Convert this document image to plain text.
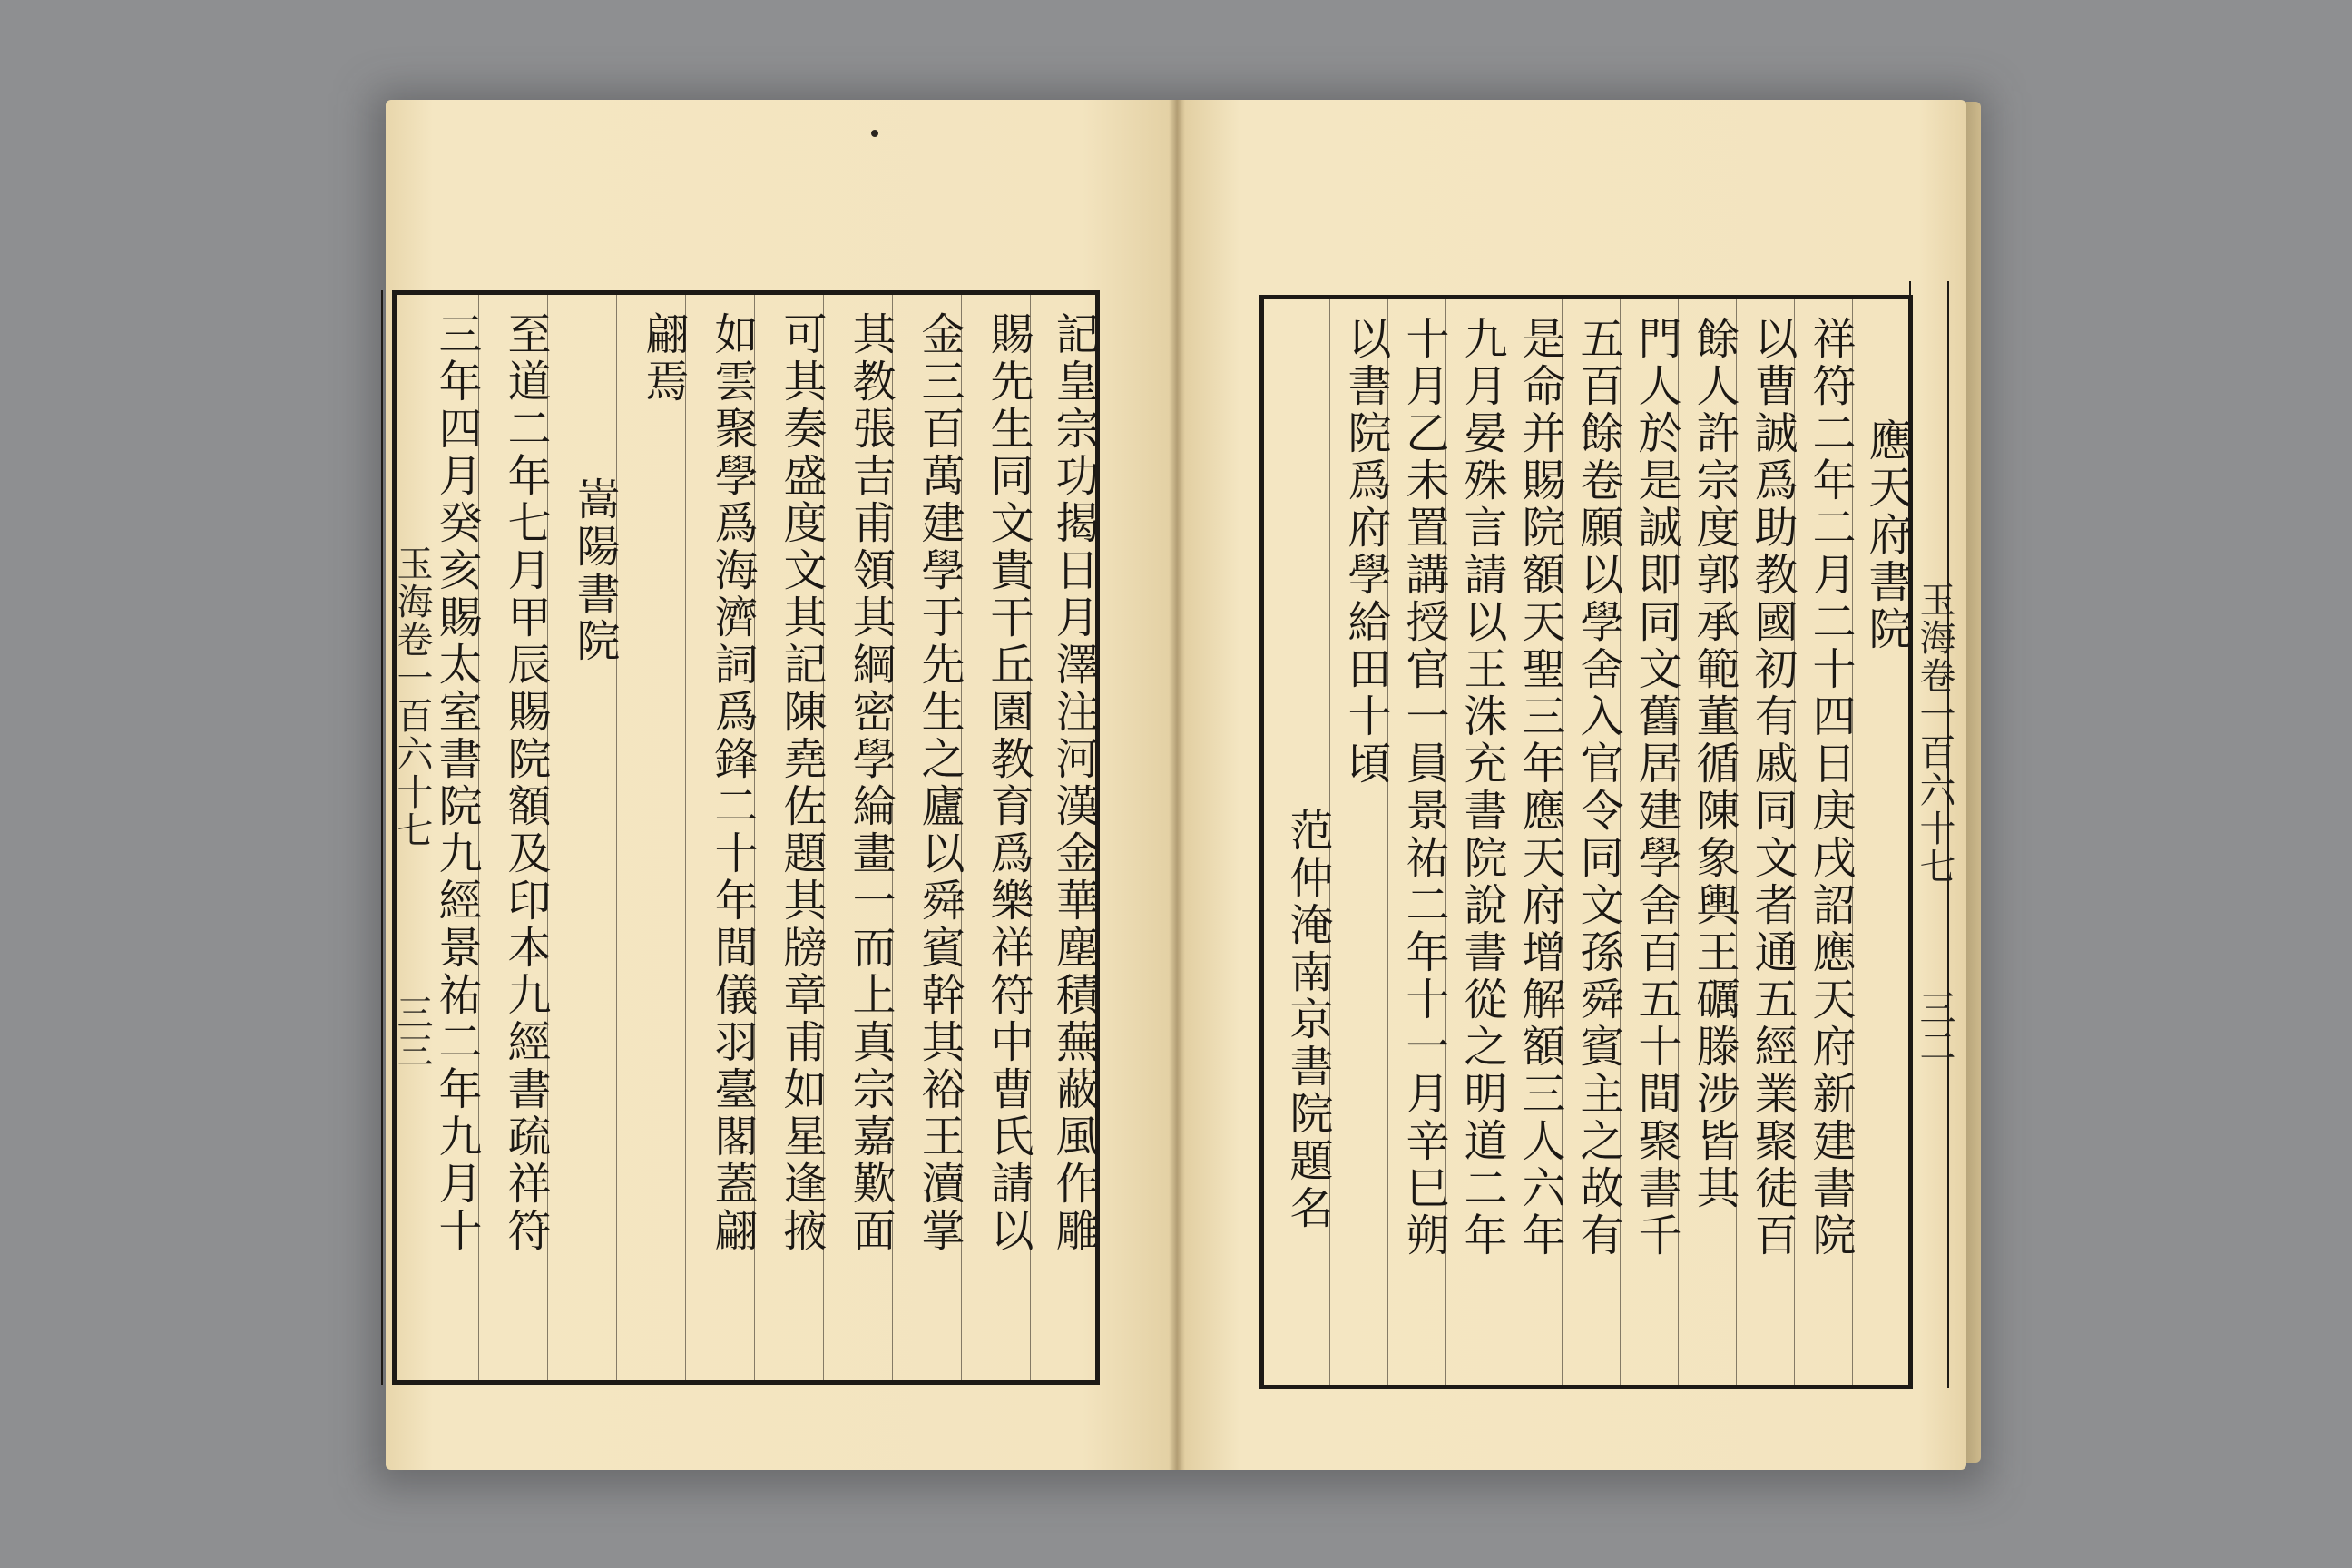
記皇宗功揭日月澤注河漢金華塵積蕪蔽風作雕
賜先生同文貴干丘園教育爲樂祥符中曹氏請以
金三百萬建學于先生之廬以舜賓幹其裕王瀆掌
其教張吉甫領其綱密學綸畫一而上真宗嘉歎面
可其奏盛度文其記陳堯佐題其牓章甫如星逢掖
如雲聚學爲海濟詞爲鋒二十年間儀羽臺閣蓋翩
翩焉
嵩陽書院
至道二年七月甲辰賜院額及印本九經書疏祥符
三年四月癸亥賜太室書院九經景祐二年九月十
玉海卷一百六十七
三三
應天府書院
祥符二年二月二十四日庚戌詔應天府新建書院
以曹誠爲助教國初有戚同文者通五經業聚徒百
餘人許宗度郭承範董循陳象輿王礪滕涉皆其
門人於是誠即同文舊居建學舍百五十間聚書千
五百餘卷願以學舍入官令同文孫舜賓主之故有
是命并賜院額天聖三年應天府增解額三人六年
九月晏殊言請以王洙充書院說書從之明道二年
十月乙未置講授官一員景祐二年十一月辛巳朔
以書院爲府學給田十頃
范仲淹南京書院題名
玉海卷一百六十七
三二
